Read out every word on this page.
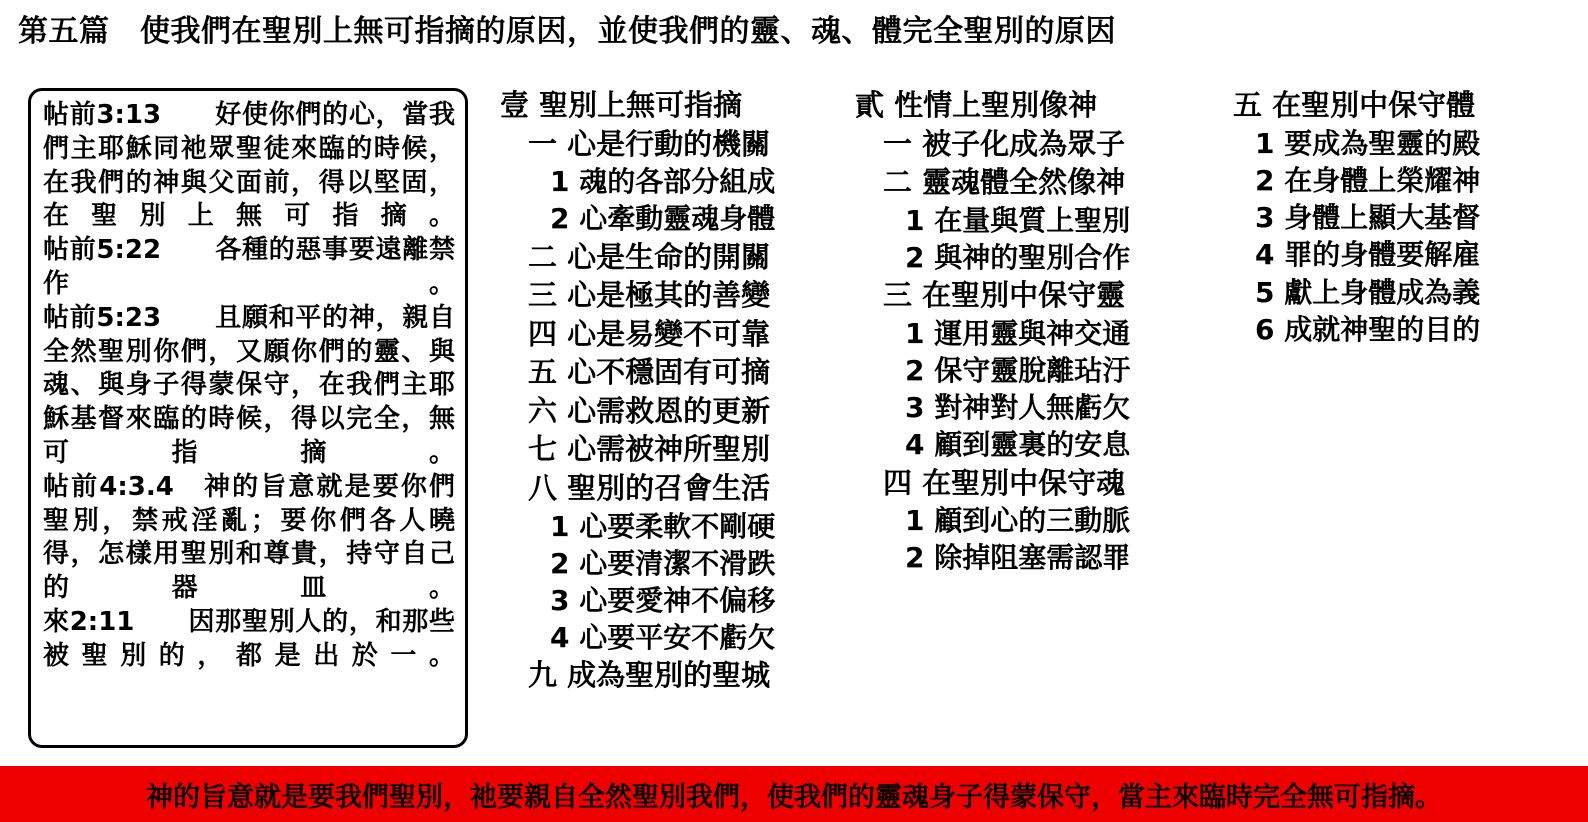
第五篇　使我們在聖別上無可指摘的原因，並使我們的靈、魂、體完全聖別的原因

帖前3:13　　好使你們的心，當我們主耶穌同祂眾聖徒來臨的時候，在我們的神與父面前，得以堅固，在聖別上無可指摘。

帖前5:22　　各種的惡事要遠離禁作。

帖前5:23　　且願和平的神，親自全然聖別你們，又願你們的靈、與魂、與身子得蒙保守，在我們主耶穌基督來臨的時候，得以完全，無可指摘。

帖前4:3.4　神的旨意就是要你們聖別，禁戒淫亂；要你們各人曉得，怎樣用聖別和尊貴，持守自己的器皿。

來2:11　　因那聖別人的，和那些被聖別的，都是出於一。

壹 聖別上無可指摘
一 心是行動的機關
1 魂的各部分組成
2 心牽動靈魂身體
二 心是生命的開關
三 心是極其的善變
四 心是易變不可靠
五 心不穩固有可摘
六 心需救恩的更新
七 心需被神所聖別
八 聖別的召會生活
1 心要柔軟不剛硬
2 心要清潔不滑跌
3 心要愛神不偏移
4 心要平安不虧欠
九 成為聖別的聖城
貳 性情上聖別像神
一 被子化成為眾子
二 靈魂體全然像神
1 在量與質上聖別
2 與神的聖別合作
三 在聖別中保守靈
1 運用靈與神交通
2 保守靈脫離玷汙
3 對神對人無虧欠
4 顧到靈裏的安息
四 在聖別中保守魂
1 顧到心的三動脈
2 除掉阻塞需認罪
五 在聖別中保守體
1 要成為聖靈的殿
2 在身體上榮耀神
3 身體上顯大基督
4 罪的身體要解雇
5 獻上身體成為義
6 成就神聖的目的
神的旨意就是要我們聖別，祂要親自全然聖別我們，使我們的靈魂身子得蒙保守，當主來臨時完全無可指摘。
